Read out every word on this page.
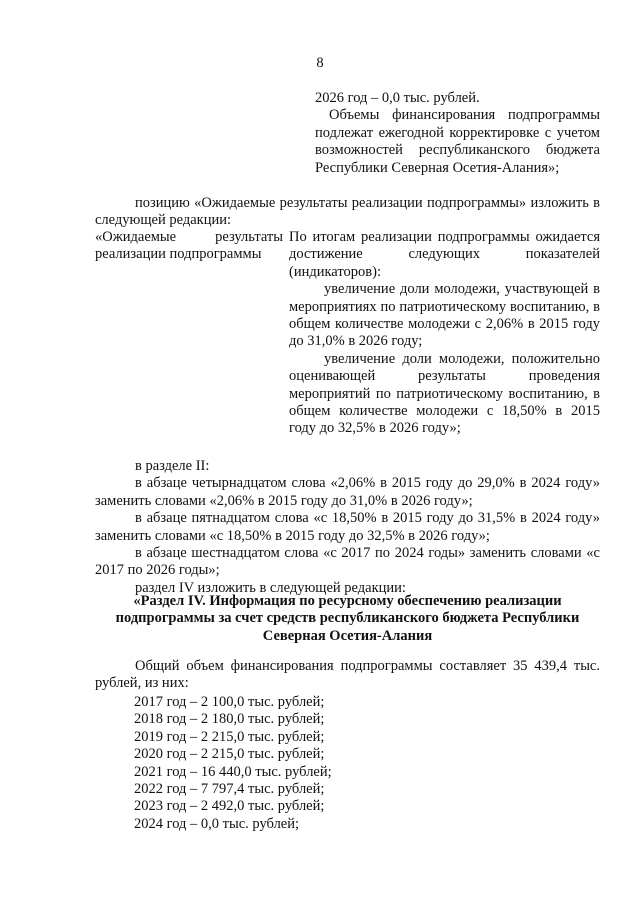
8

2026 год – 0,0 тыс. рублей.

Объемы финансирования подпрограммы подлежат ежегодной корректировке с учетом возможностей республиканского бюджета Республики Северная Осетия-Алания»;

позицию «Ожидаемые результаты реализации подпрограммы» изложить в следующей редакции:

«Ожидаемые результаты реализации подпрограммы

По итогам реализации подпрограммы ожидается достижение следующих показателей (индикаторов):

увеличение доли молодежи, участвующей в мероприятиях по патриотическому воспитанию, в общем количестве молодежи с 2,06% в 2015 году до 31,0% в 2026 году;

увеличение доли молодежи, положительно оценивающей результаты проведения мероприятий по патриотическому воспитанию, в общем количестве молодежи с 18,50% в 2015 году до 32,5% в 2026 году»;

в разделе II:

в абзаце четырнадцатом слова «2,06% в 2015 году до 29,0% в 2024 году» заменить словами «2,06% в 2015 году до 31,0% в 2026 году»;

в абзаце пятнадцатом слова «с 18,50% в 2015 году до 31,5% в 2024 году» заменить словами «с 18,50% в 2015 году до 32,5% в 2026 году»;

в абзаце шестнадцатом слова «с 2017 по 2024 годы» заменить словами «с 2017 по 2026 годы»;

раздел IV изложить в следующей редакции:

«Раздел IV. Информация по ресурсному обеспечению реализации подпрограммы за счет средств республиканского бюджета Республики Северная Осетия-Алания

Общий объем финансирования подпрограммы составляет 35 439,4 тыс. рублей, из них:

2017 год – 2 100,0 тыс. рублей;
2018 год – 2 180,0 тыс. рублей;
2019 год – 2 215,0 тыс. рублей;
2020 год – 2 215,0 тыс. рублей;
2021 год – 16 440,0 тыс. рублей;
2022 год – 7 797,4 тыс. рублей;
2023 год – 2 492,0 тыс. рублей;
2024 год – 0,0 тыс. рублей;
